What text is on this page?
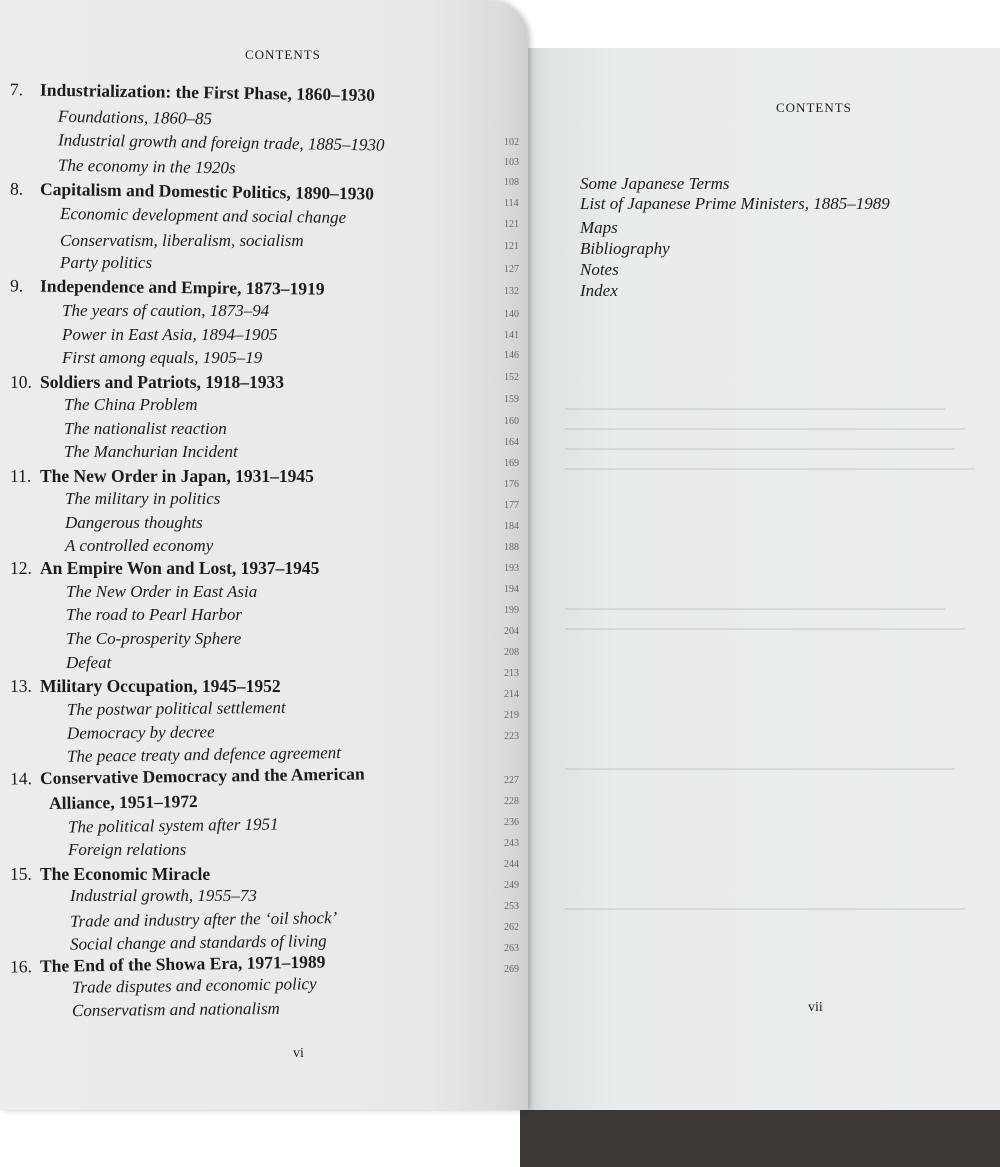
CONTENTS
Some Japanese Terms
List of Japanese Prime Ministers, 1885–1989
Maps
Bibliography
Notes
Index
vii
CONTENTS
7. Industrialization: the First Phase, 1860–1930
Foundations, 1860–85
Industrial growth and foreign trade, 1885–1930
The economy in the 1920s
8. Capitalism and Domestic Politics, 1890–1930
Economic development and social change
Conservatism, liberalism, socialism
Party politics
9. Independence and Empire, 1873–1919
The years of caution, 1873–94
Power in East Asia, 1894–1905
First among equals, 1905–19
10. Soldiers and Patriots, 1918–1933
The China Problem
The nationalist reaction
The Manchurian Incident
11. The New Order in Japan, 1931–1945
The military in politics
Dangerous thoughts
A controlled economy
12. An Empire Won and Lost, 1937–1945
The New Order in East Asia
The road to Pearl Harbor
The Co-prosperity Sphere
Defeat
13. Military Occupation, 1945–1952
The postwar political settlement
Democracy by decree
The peace treaty and defence agreement
14. Conservative Democracy and the American
Alliance, 1951–1972
The political system after 1951
Foreign relations
15. The Economic Miracle
Industrial growth, 1955–73
Trade and industry after the ‘oil shock’
Social change and standards of living
16. The End of the Showa Era, 1971–1989
Trade disputes and economic policy
Conservatism and nationalism
102
103
108
114
121
121
127
132
140
141
146
152
159
160
164
169
176
177
184
188
193
194
199
204
208
213
214
219
223
227
228
236
243
244
249
253
262
263
269
vi
